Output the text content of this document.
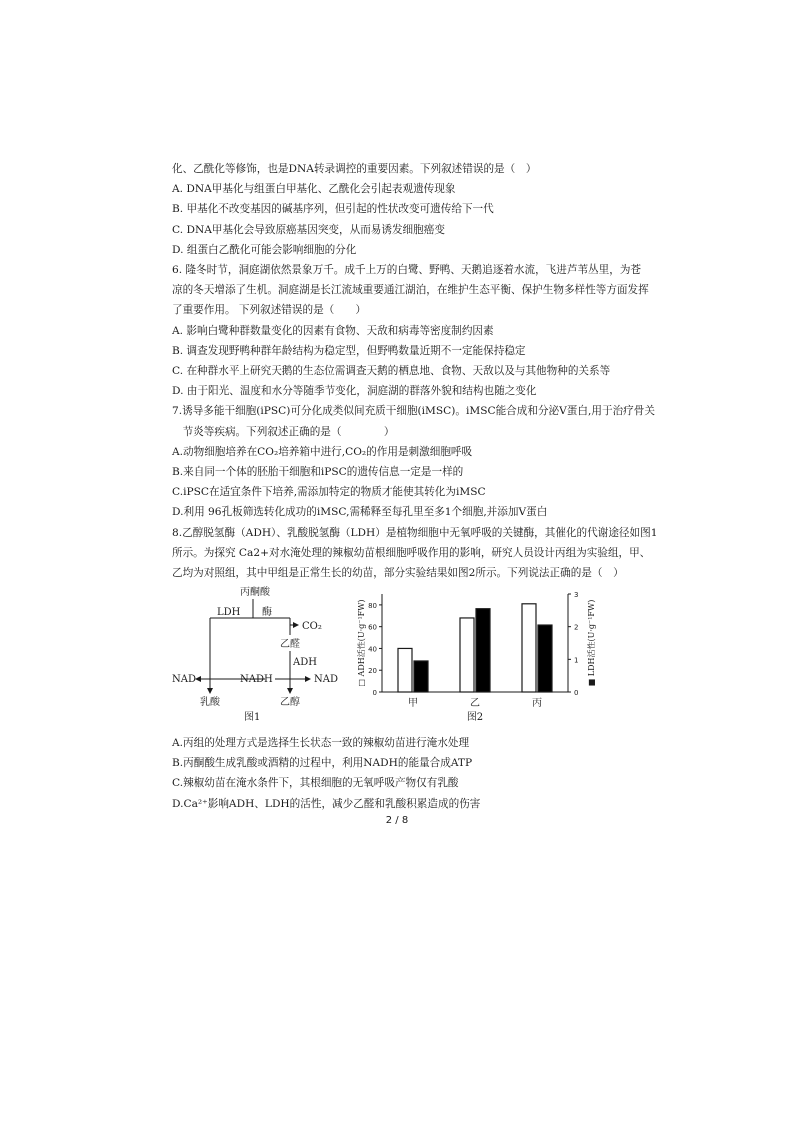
化、乙酰化等修饰，也是DNA转录调控的重要因素。下列叙述错误的是（　）
A. DNA甲基化与组蛋白甲基化、乙酰化会引起表观遗传现象
B. 甲基化不改变基因的碱基序列，但引起的性状改变可遗传给下一代
C. DNA甲基化会导致原癌基因突变，从而易诱发细胞癌变
D. 组蛋白乙酰化可能会影响细胞的分化
6. 隆冬时节，洞庭湖依然景象万千。成千上万的白鹭、野鸭、天鹅追逐着水流，飞进芦苇丛里，为苍
凉的冬天增添了生机。洞庭湖是长江流域重要通江湖泊，在维护生态平衡、保护生物多样性等方面发挥
了重要作用。 下列叙述错误的是（　　）
A. 影响白鹭种群数量变化的因素有食物、天敌和病毒等密度制约因素
B. 调查发现野鸭种群年龄结构为稳定型，但野鸭数量近期不一定能保持稳定
C. 在种群水平上研究天鹅的生态位需调查天鹅的栖息地、食物、天敌以及与其他物种的关系等
D. 由于阳光、温度和水分等随季节变化，洞庭湖的群落外貌和结构也随之变化
7.诱导多能干细胞(iPSC)可分化成类似间充质干细胞(iMSC)。iMSC能合成和分泌V蛋白,用于治疗骨关
　节炎等疾病。下列叙述正确的是（　　　　）
A.动物细胞培养在CO₂培养箱中进行,CO₂的作用是刺激细胞呼吸
B.来自同一个体的胚胎干细胞和iPSC的遗传信息一定是一样的
C.iPSC在适宜条件下培养,需添加特定的物质才能使其转化为iMSC
D.利用 96孔板筛选转化成功的iMSC,需稀释至每孔里至多1个细胞,并添加V蛋白
8.乙醇脱氢酶（ADH）、乳酸脱氢酶（LDH）是植物细胞中无氧呼吸的关键酶，其催化的代谢途径如图1
所示。为探究 Ca2+对水淹处理的辣椒幼苗根细胞呼吸作用的影响，研究人员设计丙组为实验组，甲、
乙均为对照组，其中甲组是正常生长的幼苗，部分实验结果如图2所示。下列说法正确的是（　）
丙酮酸
LDH 酶
CO₂
乙醛
ADH
NAD	NADH	NAD
乳酸	乙醇
图1
0
20
40
60
80
0
1
2
3
甲	乙	丙
□ ADH活性(U·g⁻¹FW)	■ LDH活性(U·g⁻¹FW)
图2
A.丙组的处理方式是选择生长状态一致的辣椒幼苗进行淹水处理
B.丙酮酸生成乳酸或酒精的过程中，利用NADH的能量合成ATP
C.辣椒幼苗在淹水条件下，其根细胞的无氧呼吸产物仅有乳酸
D.Ca²⁺影响ADH、LDH的活性，减少乙醛和乳酸积累造成的伤害
2 / 8
